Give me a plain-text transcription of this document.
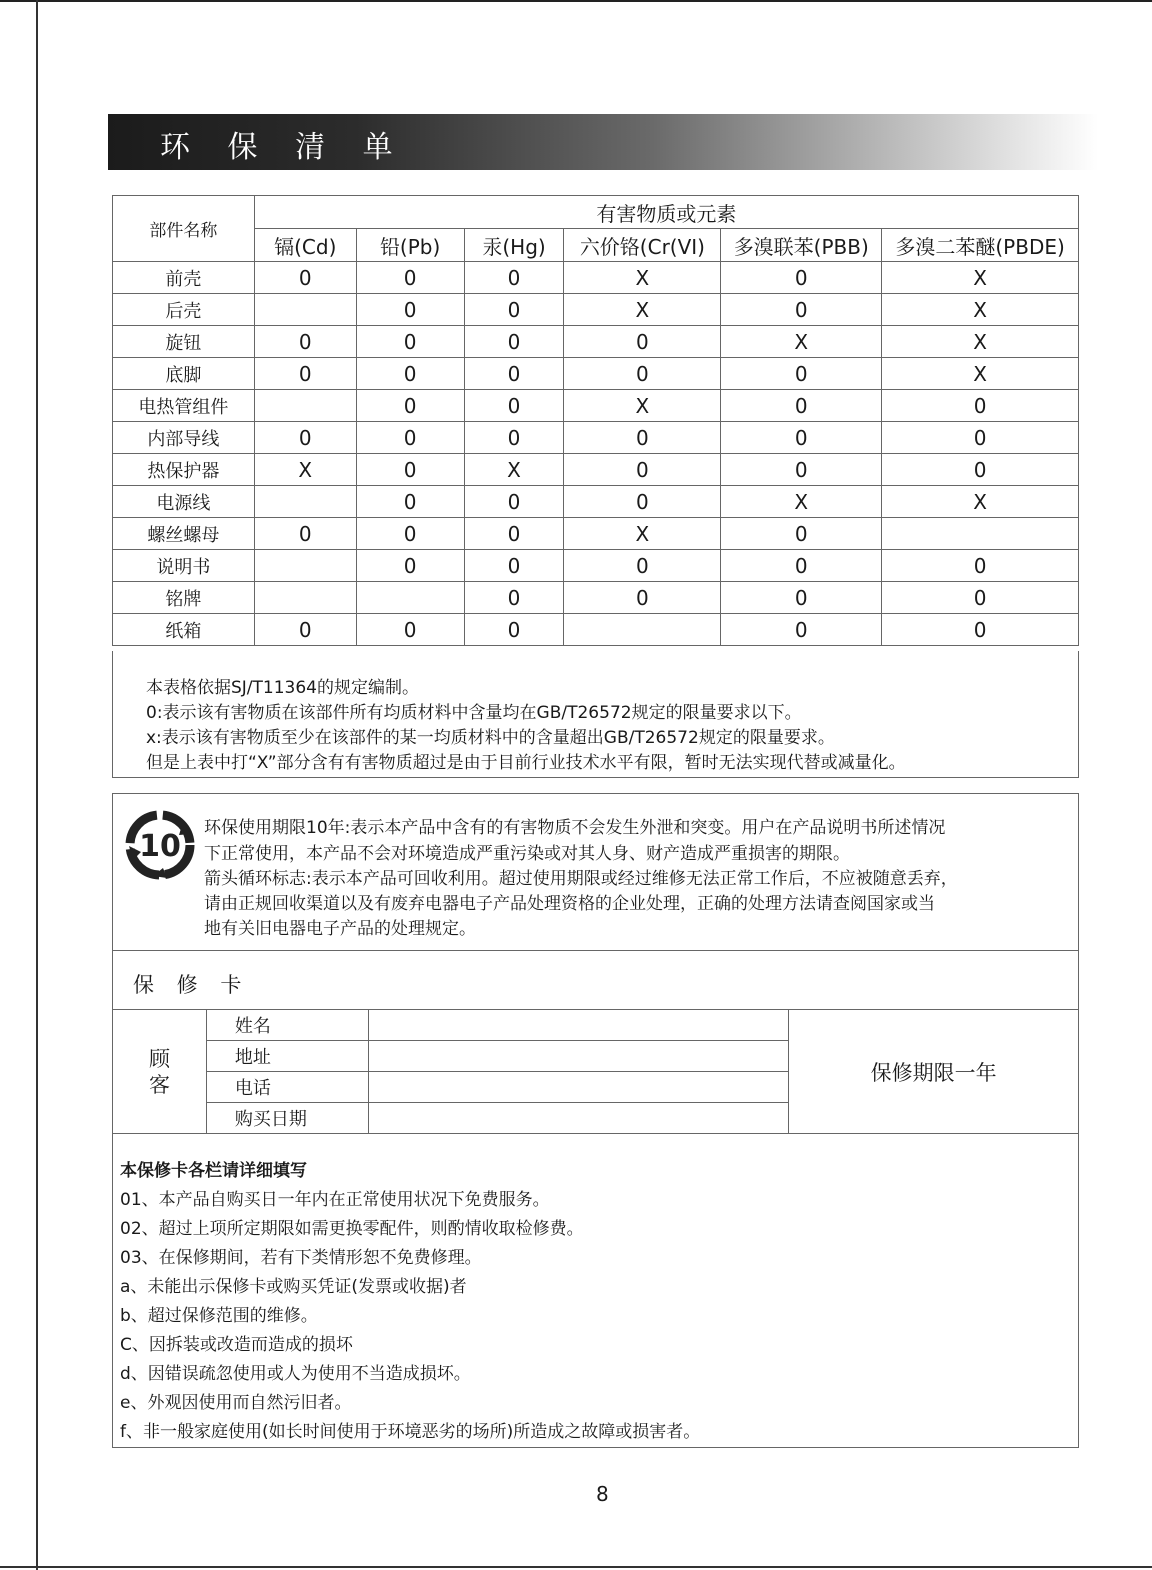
环 保 清 单
部件名称	有害物质或元素					
	镉(Cd)	铅(Pb)	汞(Hg)	六价铬(Cr(VI)	多溴联苯(PBB)	多溴二苯醚(PBDE)
前壳	0	0	0	X	0	X
后壳		0	0	X	0	X
旋钮	0	0	0	0	X	X
底脚	0	0	0	0	0	X
电热管组件		0	0	X	0	0
内部导线	0	0	0	0	0	0
热保护器	X	0	X	0	0	0
电源线		0	0	0	X	X
螺丝螺母	0	0	0	X	0	
说明书		0	0	0	0	0
铭牌			0	0	0	0
纸箱	0	0	0		0	0
本表格依据SJ/T11364的规定编制。
0:表示该有害物质在该部件所有均质材料中含量均在GB/T26572规定的限量要求以下。
x:表示该有害物质至少在该部件的某一均质材料中的含量超出GB/T26572规定的限量要求。
但是上表中打“X”部分含有有害物质超过是由于目前行业技术水平有限，暂时无法实现代替或减量化。
10
环保使用期限10年:表示本产品中含有的有害物质不会发生外泄和突变。用户在产品说明书所述情况
下正常使用，本产品不会对环境造成严重污染或对其人身、财产造成严重损害的期限。
箭头循环标志:表示本产品可回收利用。超过使用期限或经过维修无法正常工作后，不应被随意丢弃，
请由正规回收渠道以及有废弃电器电子产品处理资格的企业处理，正确的处理方法请查阅国家或当
地有关旧电器电子产品的处理规定。
保 修 卡
顾客	姓名		保修期限一年
	地址		
	电话		
	购买日期		
本保修卡各栏请详细填写
01、本产品自购买日一年内在正常使用状况下免费服务。
02、超过上项所定期限如需更换零配件，则酌情收取检修费。
03、在保修期间，若有下类情形恕不免费修理。
a、未能出示保修卡或购买凭证(发票或收据)者
b、超过保修范围的维修。
C、因拆装或改造而造成的损坏
d、因错误疏忽使用或人为使用不当造成损坏。
e、外观因使用而自然污旧者。
f、非一般家庭使用(如长时间使用于环境恶劣的场所)所造成之故障或损害者。
8
